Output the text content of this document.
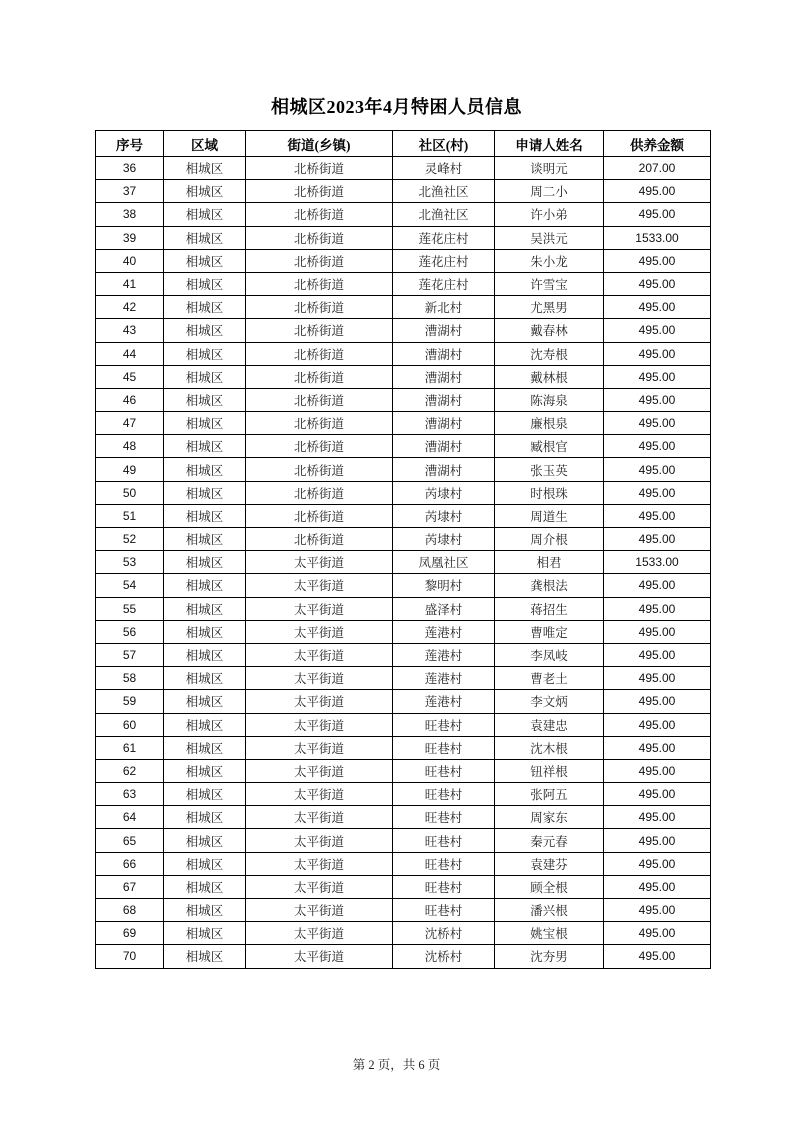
相城区2023年4月特困人员信息
序号	区域	街道(乡镇)	社区(村)	申请人姓名	供养金额
36	相城区	北桥街道	灵峰村	谈明元	207.00
37	相城区	北桥街道	北渔社区	周二小	495.00
38	相城区	北桥街道	北渔社区	许小弟	495.00
39	相城区	北桥街道	莲花庄村	吴洪元	1533.00
40	相城区	北桥街道	莲花庄村	朱小龙	495.00
41	相城区	北桥街道	莲花庄村	许雪宝	495.00
42	相城区	北桥街道	新北村	尤黑男	495.00
43	相城区	北桥街道	漕湖村	戴春林	495.00
44	相城区	北桥街道	漕湖村	沈寿根	495.00
45	相城区	北桥街道	漕湖村	戴林根	495.00
46	相城区	北桥街道	漕湖村	陈海泉	495.00
47	相城区	北桥街道	漕湖村	廉根泉	495.00
48	相城区	北桥街道	漕湖村	臧根官	495.00
49	相城区	北桥街道	漕湖村	张玉英	495.00
50	相城区	北桥街道	芮埭村	时根珠	495.00
51	相城区	北桥街道	芮埭村	周道生	495.00
52	相城区	北桥街道	芮埭村	周介根	495.00
53	相城区	太平街道	凤凰社区	相君	1533.00
54	相城区	太平街道	黎明村	龚根法	495.00
55	相城区	太平街道	盛泽村	蒋招生	495.00
56	相城区	太平街道	莲港村	曹唯定	495.00
57	相城区	太平街道	莲港村	李凤岐	495.00
58	相城区	太平街道	莲港村	曹老土	495.00
59	相城区	太平街道	莲港村	李文炳	495.00
60	相城区	太平街道	旺巷村	袁建忠	495.00
61	相城区	太平街道	旺巷村	沈木根	495.00
62	相城区	太平街道	旺巷村	钮祥根	495.00
63	相城区	太平街道	旺巷村	张阿五	495.00
64	相城区	太平街道	旺巷村	周家东	495.00
65	相城区	太平街道	旺巷村	秦元春	495.00
66	相城区	太平街道	旺巷村	袁建芬	495.00
67	相城区	太平街道	旺巷村	顾全根	495.00
68	相城区	太平街道	旺巷村	潘兴根	495.00
69	相城区	太平街道	沈桥村	姚宝根	495.00
70	相城区	太平街道	沈桥村	沈夯男	495.00
第 2 页，共 6 页
